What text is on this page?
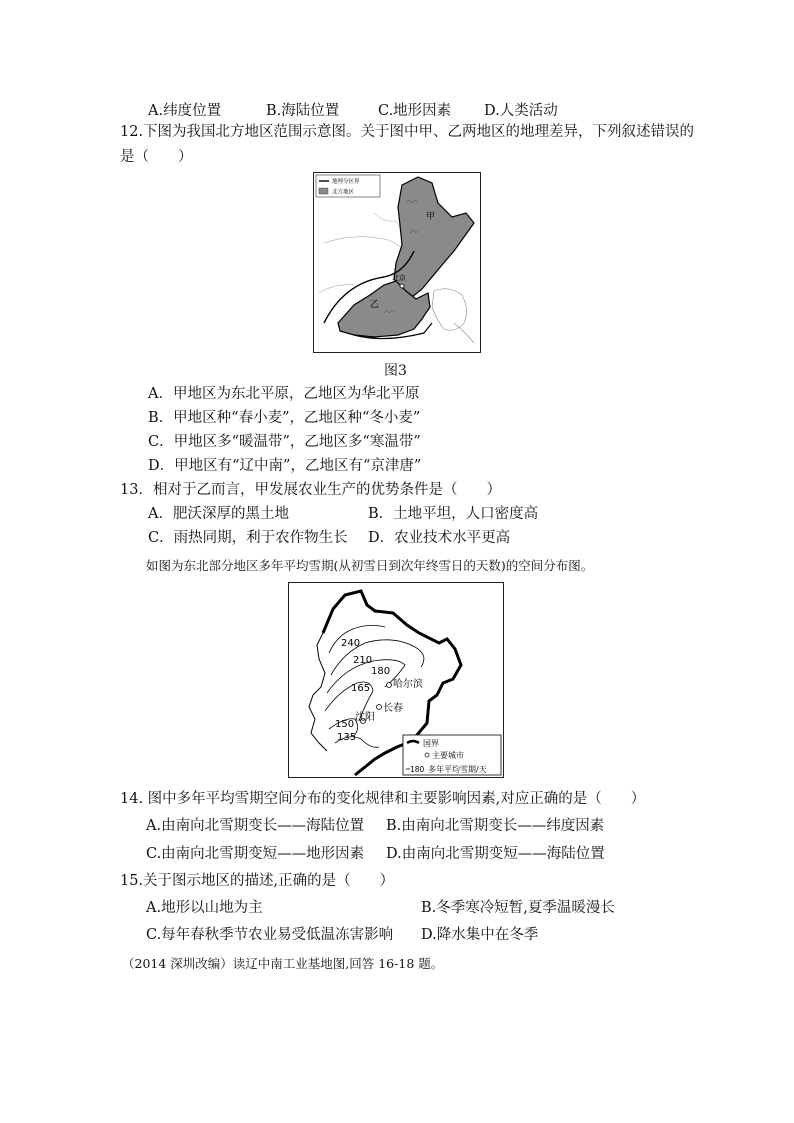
A.纬度位置	B.海陆位置	C.地形因素 D.人类活动
12.下图为我国北方地区范围示意图。关于图中甲、乙两地区的地理差异，下列叙述错误的
是（　　）
地理分区界
北方地区
甲
乙
北京
图3
A．甲地区为东北平原，乙地区为华北平原
B．甲地区种“春小麦”，乙地区种“冬小麦”
C．甲地区多“暖温带”，乙地区多“寒温带”
D．甲地区有“辽中南”，乙地区有“京津唐”
13．相对于乙而言，甲发展农业生产的优势条件是（　　）
A．肥沃深厚的黑土地	B．土地平坦，人口密度高
C．雨热同期，利于农作物生长 D．农业技术水平更高
如图为东北部分地区多年平均雪期(从初雪日到次年终雪日的天数)的空间分布图。
240
210
180
165
150
135
哈尔滨
长春
沈阳
国界
主要城市
180 多年平均雪期/天
14. 图中多年平均雪期空间分布的变化规律和主要影响因素,对应正确的是（　　）
A.由南向北雪期变长——海陆位置 B.由南向北雪期变长——纬度因素
C.由南向北雪期变短——地形因素 D.由南向北雪期变短——海陆位置
15.关于图示地区的描述,正确的是（　　）
A.地形以山地为主	B.冬季寒冷短暂,夏季温暖漫长
C.每年春秋季节农业易受低温冻害影响 D.降水集中在冬季
（2014 深圳改编）读辽中南工业基地图,回答 16-18 题。
